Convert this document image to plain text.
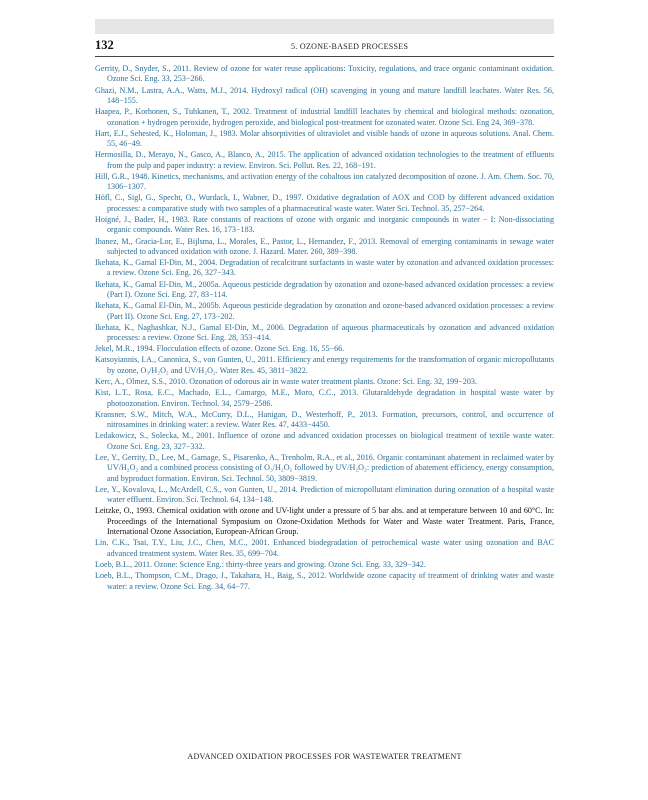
132	5. OZONE-BASED PROCESSES
Gerrity, D., Snyder, S., 2011. Review of ozone for water reuse applications: Toxicity, regulations, and trace organic contaminant oxidation. Ozone Sci. Eng. 33, 253−266.
Ghazi, N.M., Lastra, A.A., Watts, M.J., 2014. Hydroxyl radical (OH) scavenging in young and mature landfill leachates. Water Res. 56, 148−155.
Haapea, P., Korhonen, S., Tuhkanen, T., 2002. Treatment of industrial landfill leachates by chemical and biological methods: ozonation, ozonation + hydrogen peroxide, hydrogen peroxide, and biological post-treatment for ozonated water. Ozone Sci. Eng 24, 369−378.
Hart, E.J., Sehested, K., Holoman, J., 1983. Molar absorptivities of ultraviolet and visible bands of ozone in aqueous solutions. Anal. Chem. 55, 46−49.
Hermosilla, D., Merayo, N., Gasco, A., Blanco, A., 2015. The application of advanced oxidation technologies to the treatment of effluents from the pulp and paper industry: a review. Environ. Sci. Pollut. Res. 22, 168−191.
Hill, G.R., 1948. Kinetics, mechanisms, and activation energy of the cobaltous ion catalyzed decomposition of ozone. J. Am. Chem. Soc. 70, 1306−1307.
Höfl, C., Sigl, G., Specht, O., Wurdack, I., Wabner, D., 1997. Oxidative degradation of AOX and COD by different advanced oxidation processes: a comparative study with two samples of a pharmaceutical waste water. Water Sci. Technol. 35, 257−264.
Hoigné, J., Bader, H., 1983. Rate constants of reactions of ozone with organic and inorganic compounds in water − I: Non-dissociating organic compounds. Water Res. 16, 173−183.
Ibanez, M., Gracia-Lor, E., Bijlsma, L., Morales, E., Pastor, L., Hernandez, F., 2013. Removal of emerging contaminants in sewage water subjected to advanced oxidation with ozone. J. Hazard. Mater. 260, 389−398.
Ikehata, K., Gamal El-Din, M., 2004. Degradation of recalcitrant surfactants in waste water by ozonation and advanced oxidation processes: a review. Ozone Sci. Eng. 26, 327−343.
Ikehata, K., Gamal El-Din, M., 2005a. Aqueous pesticide degradation by ozonation and ozone-based advanced oxidation processes: a review (Part I). Ozone Sci. Eng. 27, 83−114.
Ikehata, K., Gamal El-Din, M., 2005b. Aqueous pesticide degradation by ozonation and ozone-based advanced oxidation processes: a review (Part II). Ozone Sci. Eng. 27, 173−202.
Ikehata, K., Naghashkar, N.J., Gamal El-Din, M., 2006. Degradation of aqueous pharmaceuticals by ozonation and advanced oxidation processes: a review. Ozone Sci. Eng. 28, 353−414.
Jekel, M.R., 1994. Flocculation effects of ozone. Ozone Sci. Eng. 16, 55−66.
Katsoyiannis, I.A., Canonica, S., von Gunten, U., 2011. Efficiency and energy requirements for the transformation of organic micropollutants by ozone, O₃/H₂O₂ and UV/H₂O₂. Water Res. 45, 3811−3822.
Kerc, A., Olmez, S.S., 2010. Ozonation of odorous air in waste water treatment plants. Ozone: Sci. Eng. 32, 199−203.
Kist, L.T., Rosa, E.C., Machado, E.L., Camargo, M.E., Moro, C.C., 2013. Glutaraldehyde degradation in hospital waste water by photoozonation. Environ. Technol. 34, 2579−2586.
Kransner, S.W., Mitch, W.A., McCurry, D.L., Hanigan, D., Westerhoff, P., 2013. Formation, precursors, control, and occurrence of nitrosamines in drinking water: a review. Water Res. 47, 4433−4450.
Ledakowicz, S., Solecka, M., 2001. Influence of ozone and advanced oxidation processes on biological treatment of textile waste water. Ozone Sci. Eng. 23, 327−332.
Lee, Y., Gerrity, D., Lee, M., Gamage, S., Pisarenko, A., Trenholm, R.A., et al., 2016. Organic contaminant abatement in reclaimed water by UV/H₂O₂ and a combined process consisting of O₃/H₂O₂ followed by UV/H₂O₂: prediction of abatement efficiency, energy consumption, and byproduct formation. Environ. Sci. Technol. 50, 3809−3819.
Lee, Y., Kovalova, L., McArdell, C.S., von Gunten, U., 2014. Prediction of micropollutant elimination during ozonation of a hospital waste water effluent. Environ. Sci. Technol. 64, 134−148.
Leitzke, O., 1993. Chemical oxidation with ozone and UV-light under a pressure of 5 bar abs. and at temperature between 10 and 60°C. In: Proceedings of the International Symposium on Ozone-Oxidation Methods for Water and Waste water Treatment. Paris, France, International Ozone Association, European-African Group.
Lin, C.K., Tsai, T.Y., Liu, J.C., Chen, M.C., 2001. Enhanced biodegradation of petrochemical waste water using ozonation and BAC advanced treatment system. Water Res. 35, 699−704.
Loeb, B.L., 2011. Ozone: Science Eng.: thirty-three years and growing. Ozone Sci. Eng. 33, 329−342.
Loeb, B.L., Thompson, C.M., Drago, J., Takahara, H., Baig, S., 2012. Worldwide ozone capacity of treatment of drinking water and waste water: a review. Ozone Sci. Eng. 34, 64−77.
ADVANCED OXIDATION PROCESSES FOR WASTEWATER TREATMENT
